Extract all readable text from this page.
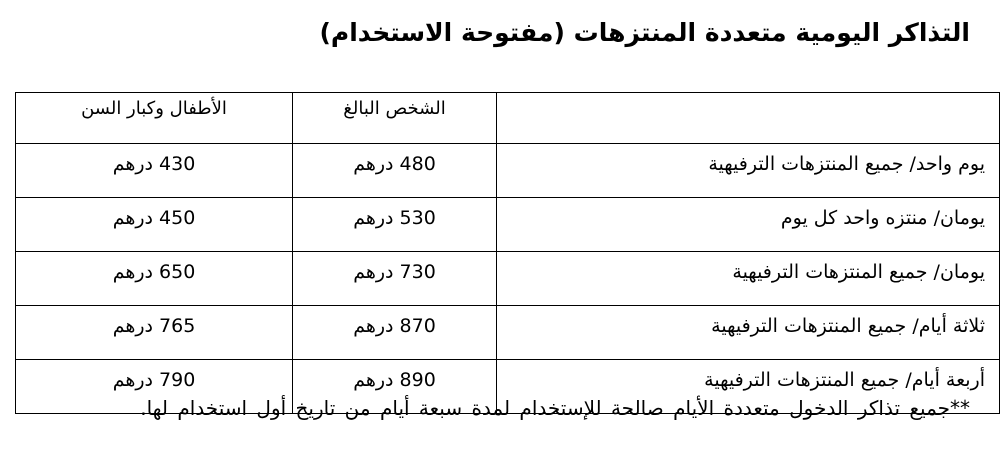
التذاكر اليومية متعددة المنتزهات (مفتوحة الاستخدام)
	الشخص البالغ	الأطفال وكبار السن
يوم واحد/ جميع المنتزهات الترفيهية	480 درهم	430 درهم
يومان/ منتزه واحد كل يوم	530 درهم	450 درهم
يومان/ جميع المنتزهات الترفيهية	730 درهم	650 درهم
ثلاثة أيام/ جميع المنتزهات الترفيهية	870 درهم	765 درهم
أربعة أيام/ جميع المنتزهات الترفيهية	890 درهم	790 درهم

**جميع تذاكر الدخول متعددة الأيام صالحة للإستخدام لمدة سبعة أيام من تاريخ أول استخدام لها.
